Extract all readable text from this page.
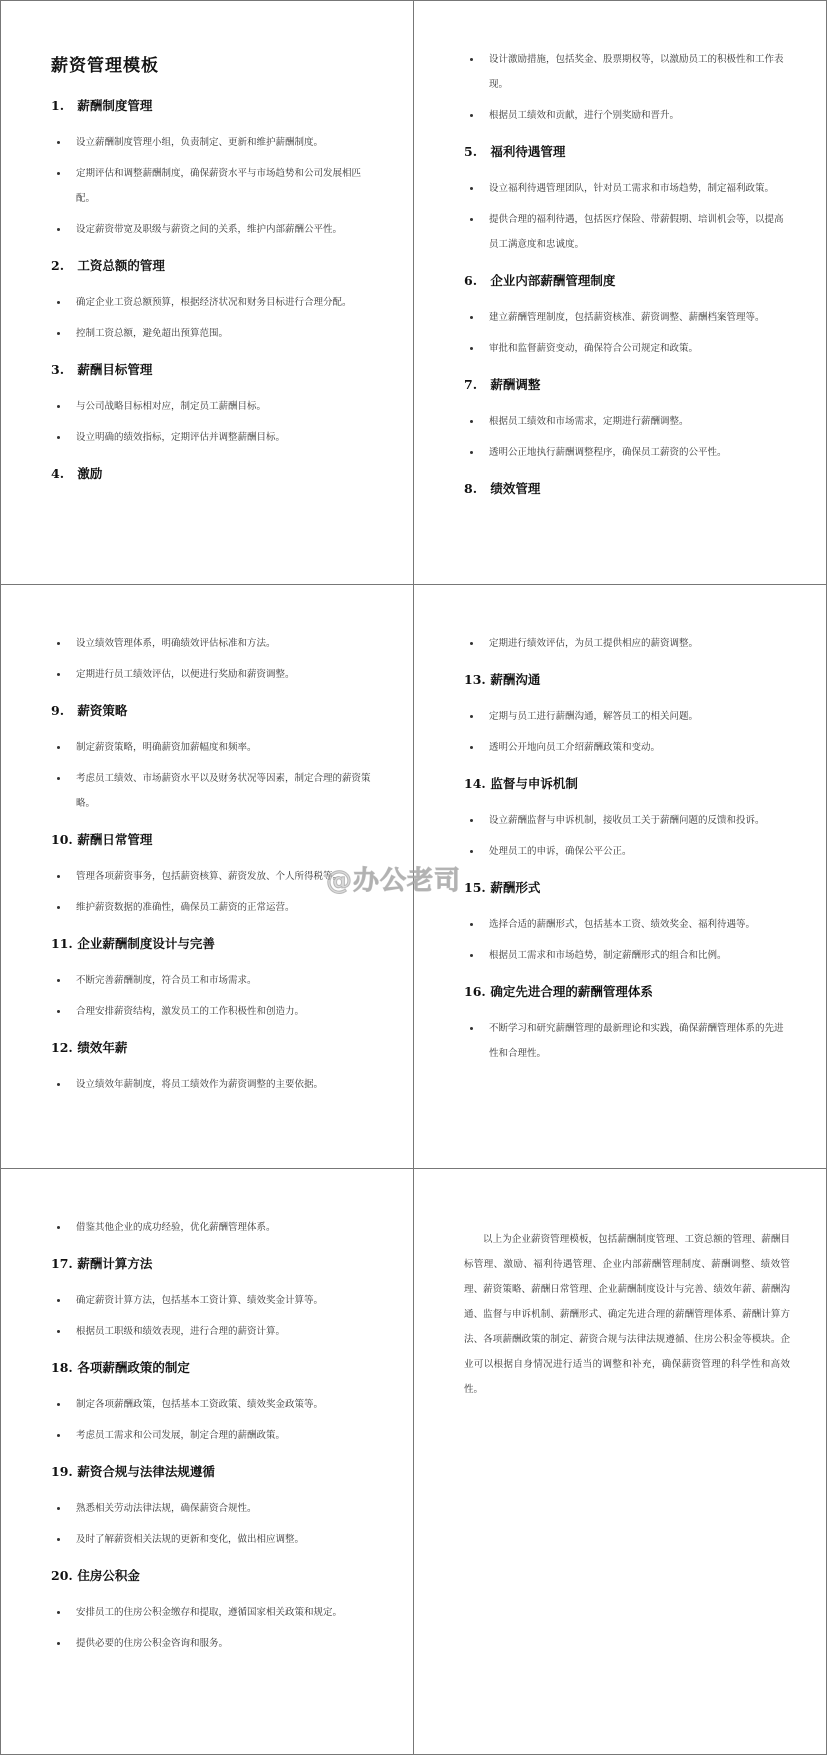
薪资管理模板
1. 薪酬制度管理
设立薪酬制度管理小组，负责制定、更新和维护薪酬制度。
定期评估和调整薪酬制度，确保薪资水平与市场趋势和公司发展相匹配。
设定薪资带宽及职级与薪资之间的关系，维护内部薪酬公平性。
2. 工资总额的管理
确定企业工资总额预算，根据经济状况和财务目标进行合理分配。
控制工资总额，避免超出预算范围。
3. 薪酬目标管理
与公司战略目标相对应，制定员工薪酬目标。
设立明确的绩效指标，定期评估并调整薪酬目标。
4. 激励
设计激励措施，包括奖金、股票期权等，以激励员工的积极性和工作表现。
根据员工绩效和贡献，进行个别奖励和晋升。
5. 福利待遇管理
设立福利待遇管理团队，针对员工需求和市场趋势，制定福利政策。
提供合理的福利待遇，包括医疗保险、带薪假期、培训机会等，以提高员工满意度和忠诚度。
6. 企业内部薪酬管理制度
建立薪酬管理制度，包括薪资核准、薪资调整、薪酬档案管理等。
审批和监督薪资变动，确保符合公司规定和政策。
7. 薪酬调整
根据员工绩效和市场需求，定期进行薪酬调整。
透明公正地执行薪酬调整程序，确保员工薪资的公平性。
8. 绩效管理
设立绩效管理体系，明确绩效评估标准和方法。
定期进行员工绩效评估，以便进行奖励和薪资调整。
9. 薪资策略
制定薪资策略，明确薪资加薪幅度和频率。
考虑员工绩效、市场薪资水平以及财务状况等因素，制定合理的薪资策略。
10. 薪酬日常管理
管理各项薪资事务，包括薪资核算、薪资发放、个人所得税等。
维护薪资数据的准确性，确保员工薪资的正常运营。
11. 企业薪酬制度设计与完善
不断完善薪酬制度，符合员工和市场需求。
合理安排薪资结构，激发员工的工作积极性和创造力。
12. 绩效年薪
设立绩效年薪制度，将员工绩效作为薪资调整的主要依据。
定期进行绩效评估，为员工提供相应的薪资调整。
13. 薪酬沟通
定期与员工进行薪酬沟通，解答员工的相关问题。
透明公开地向员工介绍薪酬政策和变动。
14. 监督与申诉机制
设立薪酬监督与申诉机制，接收员工关于薪酬问题的反馈和投诉。
处理员工的申诉，确保公平公正。
15. 薪酬形式
选择合适的薪酬形式，包括基本工资、绩效奖金、福利待遇等。
根据员工需求和市场趋势，制定薪酬形式的组合和比例。
16. 确定先进合理的薪酬管理体系
不断学习和研究薪酬管理的最新理论和实践，确保薪酬管理体系的先进性和合理性。
借鉴其他企业的成功经验，优化薪酬管理体系。
17. 薪酬计算方法
确定薪资计算方法，包括基本工资计算、绩效奖金计算等。
根据员工职级和绩效表现，进行合理的薪资计算。
18. 各项薪酬政策的制定
制定各项薪酬政策，包括基本工资政策、绩效奖金政策等。
考虑员工需求和公司发展，制定合理的薪酬政策。
19. 薪资合规与法律法规遵循
熟悉相关劳动法律法规，确保薪资合规性。
及时了解薪资相关法规的更新和变化，做出相应调整。
20. 住房公积金
安排员工的住房公积金缴存和提取，遵循国家相关政策和规定。
提供必要的住房公积金咨询和服务。

以上为企业薪资管理模板，包括薪酬制度管理、工资总额的管理、薪酬目标管理、激励、福利待遇管理、企业内部薪酬管理制度、薪酬调整、绩效管理、薪资策略、薪酬日常管理、企业薪酬制度设计与完善、绩效年薪、薪酬沟通、监督与申诉机制、薪酬形式、确定先进合理的薪酬管理体系、薪酬计算方法、各项薪酬政策的制定、薪资合规与法律法规遵循、住房公积金等模块。企业可以根据自身情况进行适当的调整和补充，确保薪资管理的科学性和高效性。

@办公老司
